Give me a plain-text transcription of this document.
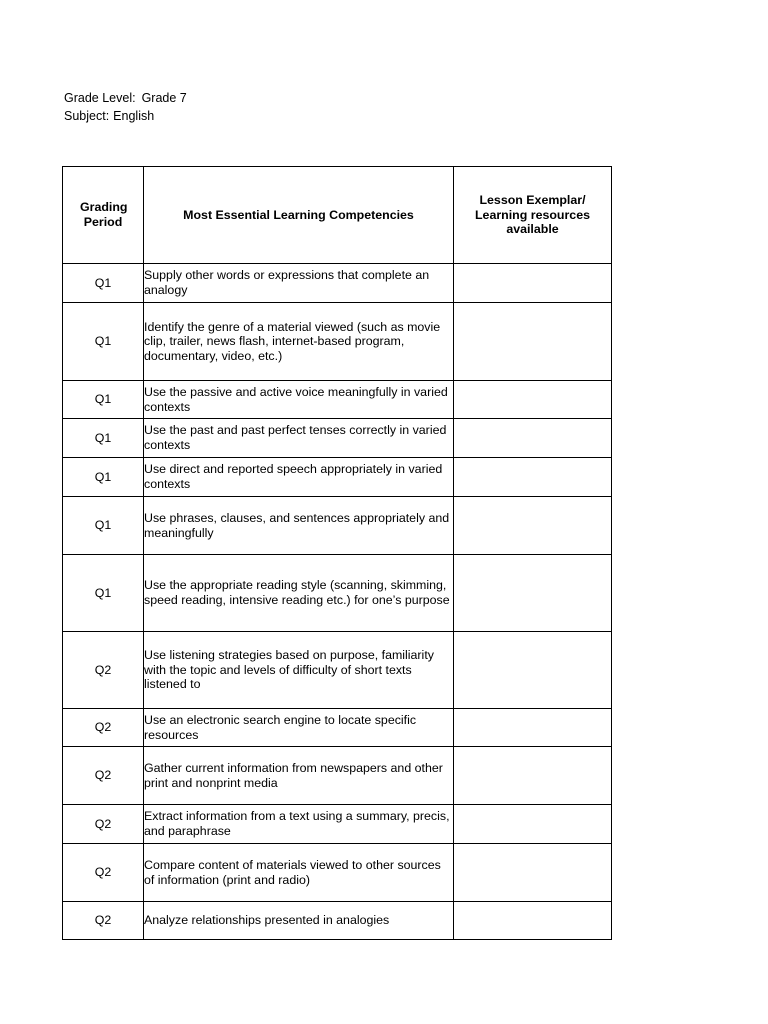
Grade Level: Grade 7
Subject: English
Grading Period	Most Essential Learning Competencies	Lesson Exemplar/ Learning resources available

Q1	Supply other words or expressions that complete an analogy	
Q1	Identify the genre of a material viewed (such as movie clip, trailer, news flash, internet-based program, documentary, video, etc.)	
Q1	Use the passive and active voice meaningfully in varied contexts	
Q1	Use the past and past perfect tenses correctly in varied contexts	
Q1	Use direct and reported speech appropriately in varied contexts	
Q1	Use phrases, clauses, and sentences appropriately and meaningfully	
Q1	Use the appropriate reading style (scanning, skimming, speed reading, intensive reading etc.) for one’s purpose	
Q2	Use listening strategies based on purpose, familiarity with the topic and levels of difficulty of short texts listened to	
Q2	Use an electronic search engine to locate specific resources	
Q2	Gather current information from newspapers and other print and nonprint media	
Q2	Extract information from a text using a summary, precis, and paraphrase	
Q2	Compare content of materials viewed to other sources of information (print and radio)	
Q2	Analyze relationships presented in analogies	
